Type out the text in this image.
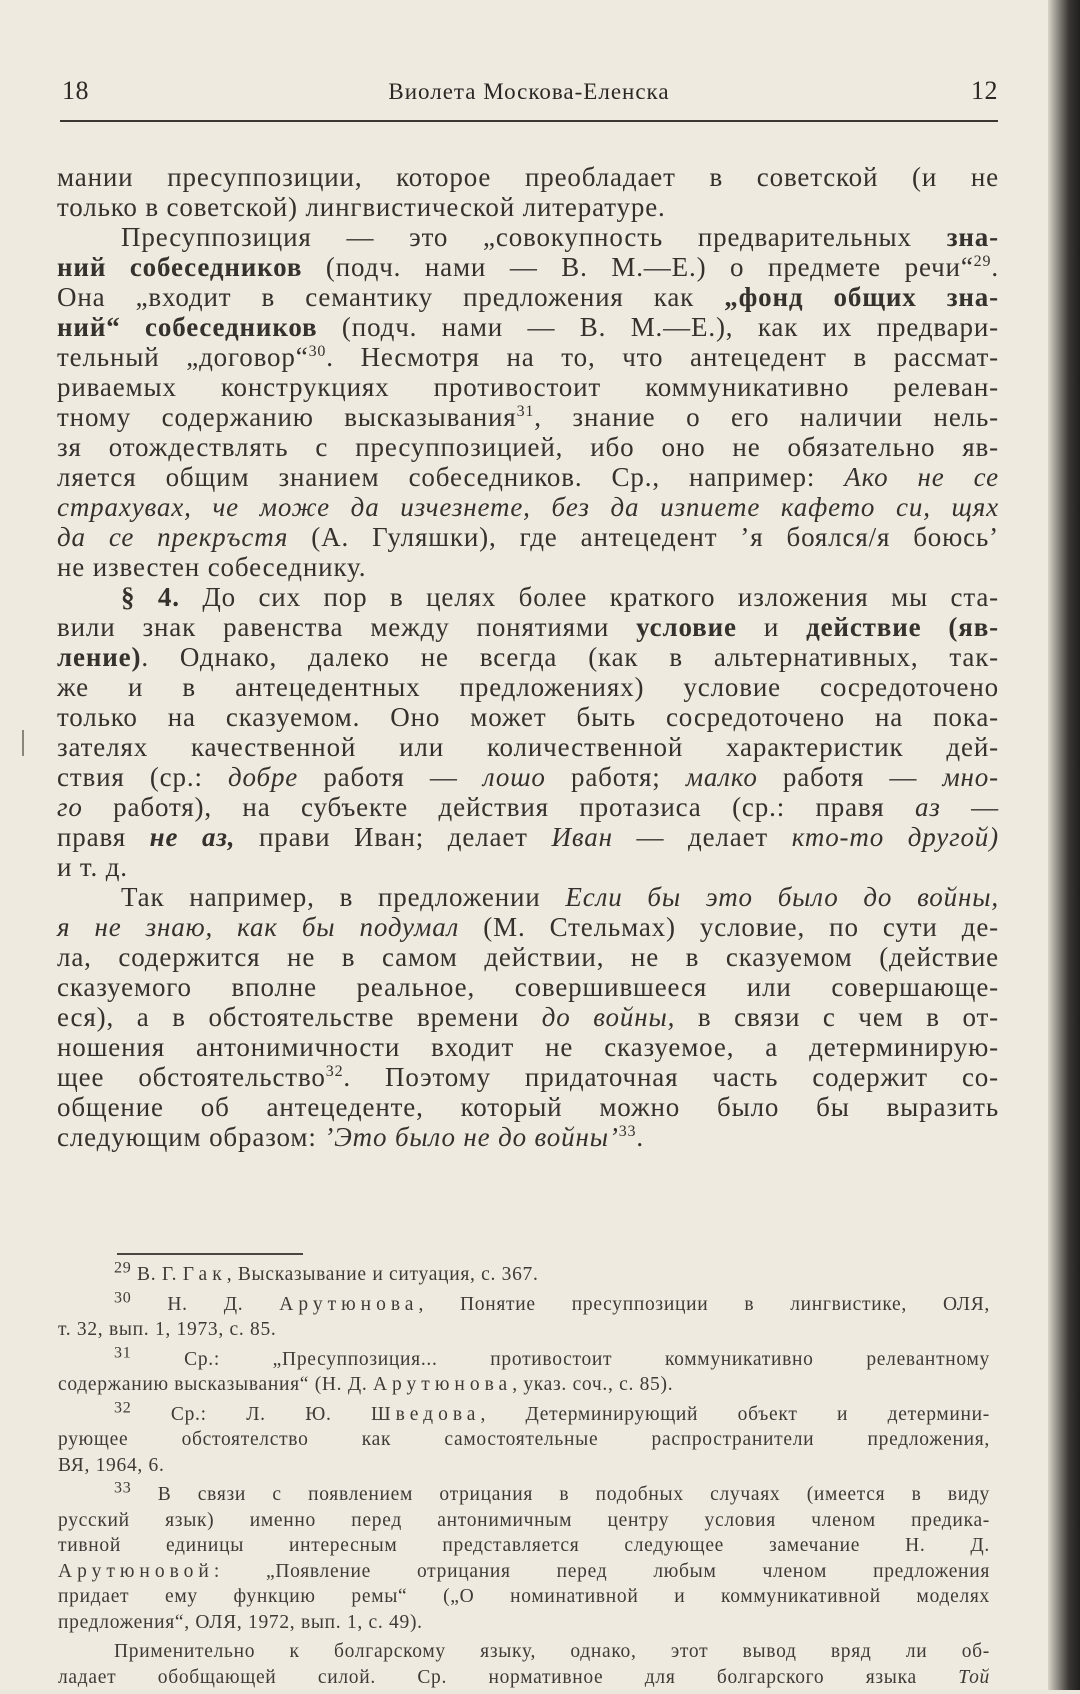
18	Виолета Москова-Еленска	12

мании пресуппозиции, которое преобладает в советской (и не
только в советской) лингвистической литературе.

Пресуппозиция — это „совокупность предварительных зна-
ний собеседников (подч. нами — В. М.—Е.) о предмете речи“$^{29}$.
Она „входит в семантику предложения как „фонд общих зна-
ний“ собеседников (подч. нами — В. М.—Е.), как их предвари-
тельный „договор“$^{30}$. Несмотря на то, что антецедент в рассмат-
риваемых конструкциях противостоит коммуникативно релеван-
тному содержанию высказывания$^{31}$, знание о его наличии нель-
зя отождествлять с пресуппозицией, ибо оно не обязательно яв-
ляется общим знанием собеседников. Ср., например: Ако не се
страхувах, че може да изчезнете, без да изпиете кафето си, щях
да се прекръстя (А. Гуляшки), где антецедент ’я боялся/я боюсь’
не известен собеседнику.

§ 4. До сих пор в целях более краткого изложения мы ста-
вили знак равенства между понятиями условие и действие (яв-
ление). Однако, далеко не всегда (как в альтернативных, так-
же и в антецедентных предложениях) условие сосредоточено
только на сказуемом. Оно может быть сосредоточено на пока-
зателях качественной или количественной характеристик дей-
ствия (ср.: добре работя — лошо работя; малко работя — мно-
го работя), на субъекте действия протазиса (ср.: правя аз —
правя не аз, прави Иван; делает Иван — делает кто-то другой)
и т. д.

Так например, в предложении Если бы это было до войны,
я не знаю, как бы подумал (М. Стельмах) условие, по сути де-
ла, содержится не в самом действии, не в сказуемом (действие
сказуемого вполне реальное, совершившееся или совершающе-
еся), а в обстоятельстве времени до войны, в связи с чем в от-
ношения антонимичности входит не сказуемое, а детерминирую-
щее обстоятельство$^{32}$. Поэтому придаточная часть содержит со-
общение об антецеденте, который можно было бы выразить
следующим образом: ’Это было не до войны’$^{33}$.

$^{29}$ В. Г. Гак, Высказывание и ситуация, с. 367.
$^{30}$ Н. Д. Арутюнова, Понятие пресуппозиции в лингвистике, ОЛЯ,
т. 32, вып. 1, 1973, с. 85.
$^{31}$ Ср.: „Пресуппозиция... противостоит коммуникативно релевантному
содержанию высказывания“ (Н. Д. Арутюнова, указ. соч., с. 85).
$^{32}$ Ср.: Л. Ю. Шведова, Детерминирующий объект и детермини-
рующее обстоятелство как самостоятельные распространители предложения,
ВЯ, 1964, 6.
$^{33}$ В связи с появлением отрицания в подобных случаях (имеется в виду
русский язык) именно перед антонимичным центру условия членом предика-
тивной единицы интересным представляется следующее замечание Н. Д.
Арутюновой: „Появление отрицания перед любым членом предложения
придает ему функцию ремы“ („О номинативной и коммуникативной моделях
предложения“, ОЛЯ, 1972, вып. 1, с. 49).
Применительно к болгарскому языку, однако, этот вывод вряд ли об-
ладает обобщающей силой. Ср. нормативное для болгарского языка Той
